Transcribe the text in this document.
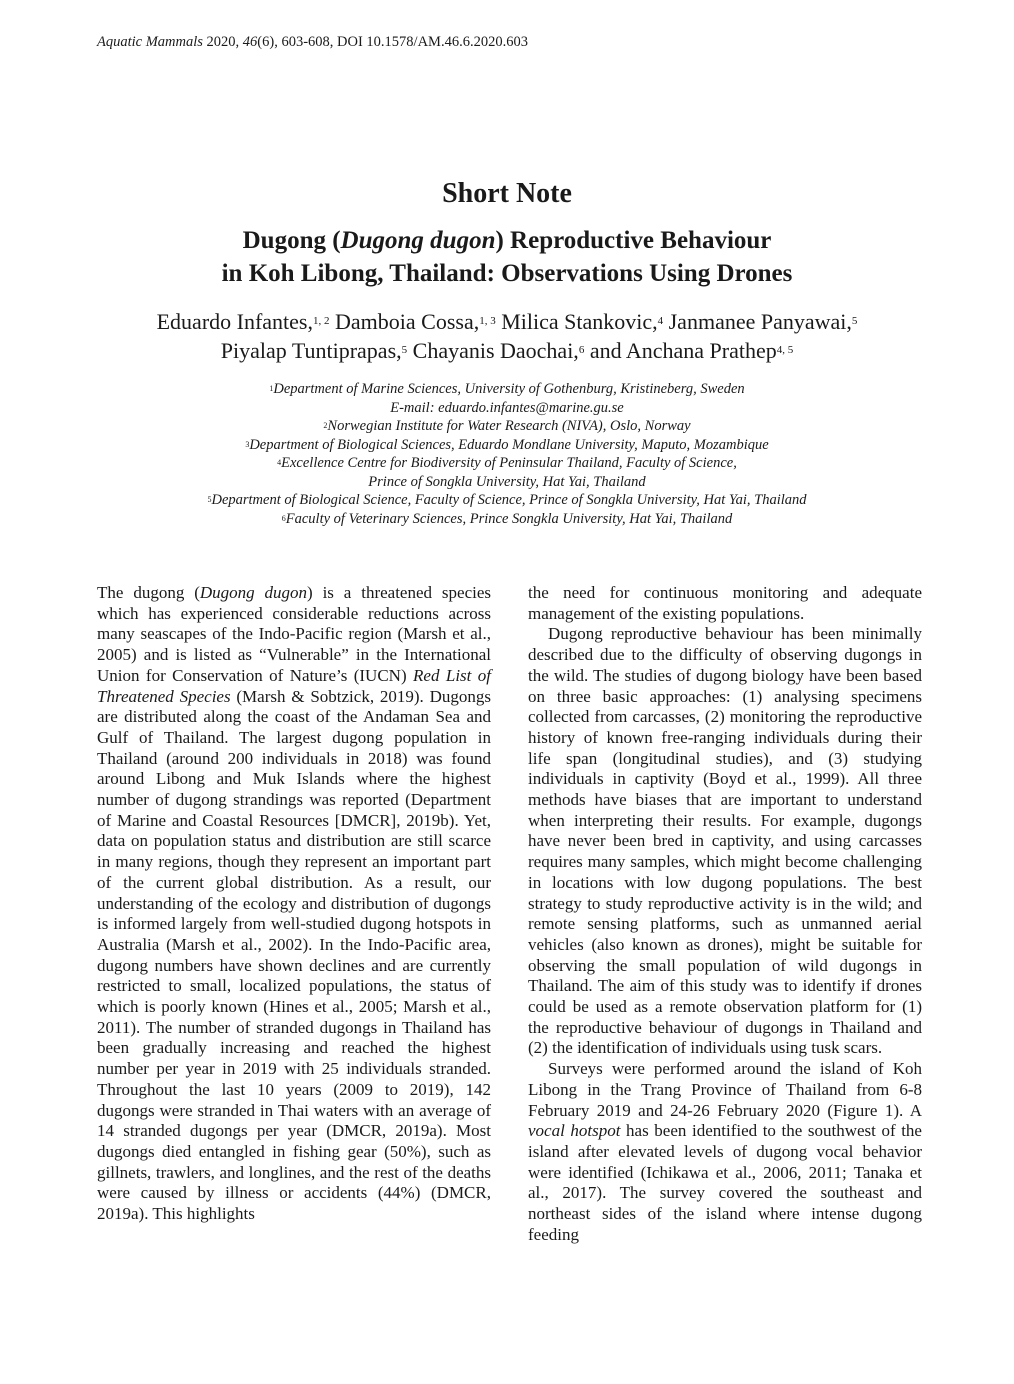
Aquatic Mammals 2020, 46(6), 603-608, DOI 10.1578/AM.46.6.2020.603
Short Note
Dugong (Dugong dugon) Reproductive Behaviour
in Koh Libong, Thailand: Observations Using Drones
Eduardo Infantes,$^{1, 2}$ Damboia Cossa,$^{1, 3}$ Milica Stankovic,$^4$ Janmanee Panyawai,$^5$
Piyalap Tuntiprapas,$^5$ Chayanis Daochai,$^6$ and Anchana Prathep$^{4, 5}$
$^1$Department of Marine Sciences, University of Gothenburg, Kristineberg, Sweden
E-mail: eduardo.infantes@marine.gu.se
$^2$Norwegian Institute for Water Research (NIVA), Oslo, Norway
$^3$Department of Biological Sciences, Eduardo Mondlane University, Maputo, Mozambique
$^4$Excellence Centre for Biodiversity of Peninsular Thailand, Faculty of Science,
Prince of Songkla University, Hat Yai, Thailand
$^5$Department of Biological Science, Faculty of Science, Prince of Songkla University, Hat Yai, Thailand
$^6$Faculty of Veterinary Sciences, Prince Songkla University, Hat Yai, Thailand

The dugong (Dugong dugon) is a threatened species which has experienced considerable reductions across many seascapes of the Indo-Pacific region (Marsh et al., 2005) and is listed as “Vulnerable” in the International Union for Conservation of Nature’s (IUCN) Red List of Threatened Species (Marsh & Sobtzick, 2019). Dugongs are distributed along the coast of the Andaman Sea and Gulf of Thailand. The largest dugong population in Thailand (around 200 individuals in 2018) was found around Libong and Muk Islands where the highest number of dugong strandings was reported (Department of Marine and Coastal Resources [DMCR], 2019b). Yet, data on population status and distribution are still scarce in many regions, though they represent an important part of the current global distribution. As a result, our understanding of the ecology and distribution of dugongs is informed largely from well-studied dugong hotspots in Australia (Marsh et al., 2002). In the Indo-Pacific area, dugong numbers have shown declines and are currently restricted to small, localized populations, the status of which is poorly known (Hines et al., 2005; Marsh et al., 2011). The number of stranded dugongs in Thailand has been gradually increasing and reached the highest number per year in 2019 with 25 individuals stranded. Throughout the last 10 years (2009 to 2019), 142 dugongs were stranded in Thai waters with an average of 14 stranded dugongs per year (DMCR, 2019a). Most dugongs died entangled in fishing gear (50%), such as gillnets, trawlers, and longlines, and the rest of the deaths were caused by illness or accidents (44%) (DMCR, 2019a). This highlights

the need for continuous monitoring and adequate management of the existing populations.

Dugong reproductive behaviour has been minimally described due to the difficulty of observing dugongs in the wild. The studies of dugong biology have been based on three basic approaches: (1) analysing specimens collected from carcasses, (2) monitoring the reproductive history of known free-ranging individuals during their life span (longitudinal studies), and (3) studying individuals in captivity (Boyd et al., 1999). All three methods have biases that are important to understand when interpreting their results. For example, dugongs have never been bred in captivity, and using carcasses requires many samples, which might become challenging in locations with low dugong populations. The best strategy to study reproductive activity is in the wild; and remote sensing platforms, such as unmanned aerial vehicles (also known as drones), might be suitable for observing the small population of wild dugongs in Thailand. The aim of this study was to identify if drones could be used as a remote observation platform for (1) the reproductive behaviour of dugongs in Thailand and (2) the identification of individuals using tusk scars.

Surveys were performed around the island of Koh Libong in the Trang Province of Thailand from 6-8 February 2019 and 24-26 February 2020 (Figure 1). A vocal hotspot has been identified to the southwest of the island after elevated levels of dugong vocal behavior were identified (Ichikawa et al., 2006, 2011; Tanaka et al., 2017). The survey covered the southeast and northeast sides of the island where intense dugong feeding
